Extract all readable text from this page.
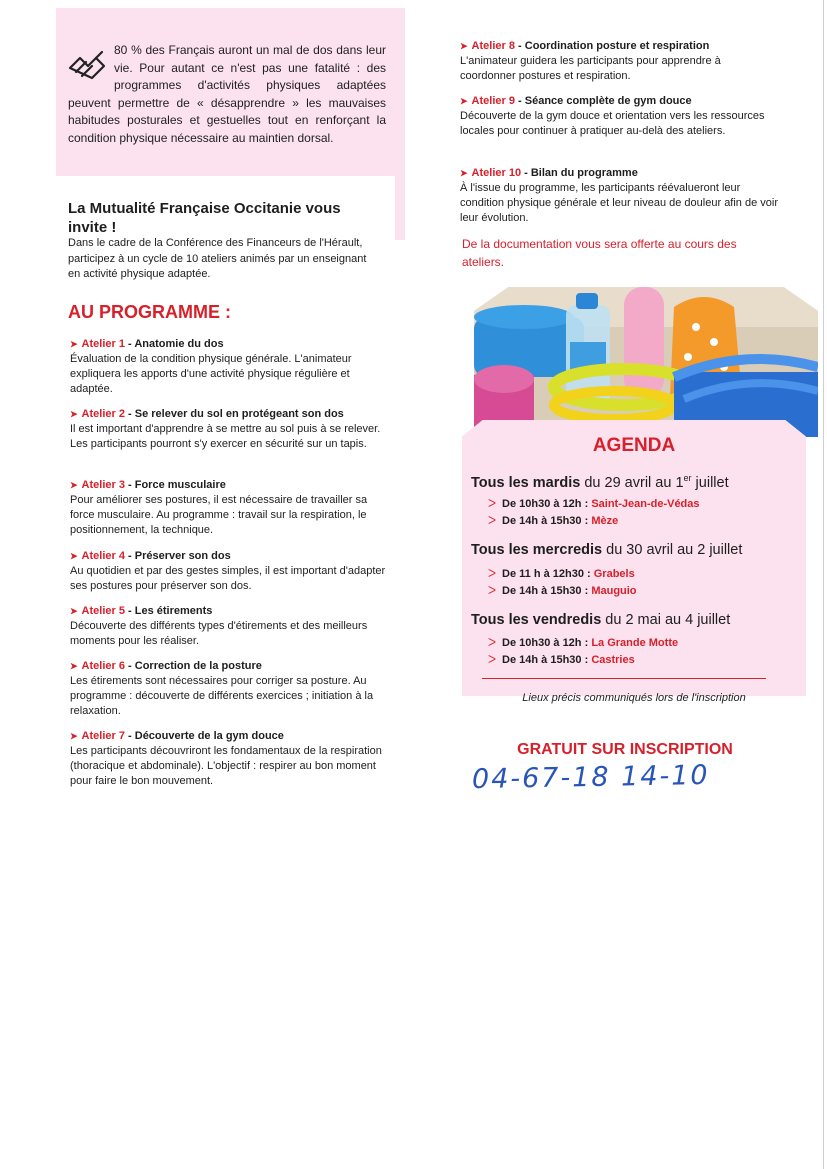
80 % des Français auront un mal de dos dans leur vie. Pour autant ce n'est pas une fatalité : des programmes d'activités physiques adaptées peuvent permettre de « désapprendre » les mauvaises habitudes posturales et gestuelles tout en renforçant la condition physique nécessaire au maintien dorsal.
La Mutualité Française Occitanie vous invite !
Dans le cadre de la Conférence des Financeurs de l'Hérault, participez à un cycle de 10 ateliers animés par un enseignant en activité physique adaptée.
AU PROGRAMME :
➤ Atelier 1 - Anatomie du dos
Évaluation de la condition physique générale. L'animateur expliquera les apports d'une activité physique régulière et adaptée.
➤ Atelier 2 - Se relever du sol en protégeant son dos
Il est important d'apprendre à se mettre au sol puis à se relever. Les participants pourront s'y exercer en sécurité sur un tapis.
➤ Atelier 3 - Force musculaire
Pour améliorer ses postures, il est nécessaire de travailler sa force musculaire. Au programme : travail sur la respiration, le positionnement, la technique.
➤ Atelier 4 - Préserver son dos
Au quotidien et par des gestes simples, il est important d'adapter ses postures pour préserver son dos.
➤ Atelier 5 - Les étirements
Découverte des différents types d'étirements et des meilleurs moments pour les réaliser.
➤ Atelier 6 - Correction de la posture
Les étirements sont nécessaires pour corriger sa posture. Au programme : découverte de différents exercices ; initiation à la relaxation.
➤ Atelier 7 - Découverte de la gym douce
Les participants découvriront les fondamentaux de la respiration (thoracique et abdominale). L'objectif : respirer au bon moment pour faire le bon mouvement.
➤ Atelier 8 - Coordination posture et respiration
L'animateur guidera les participants pour apprendre à coordonner postures et respiration.
➤ Atelier 9 - Séance complète de gym douce
Découverte de la gym douce et orientation vers les ressources locales pour continuer à pratiquer au-delà des ateliers.
➤ Atelier 10 - Bilan du programme
À l'issue du programme, les participants réévalueront leur condition physique générale et leur niveau de douleur afin de voir leur évolution.
De la documentation vous sera offerte au cours des ateliers.
AGENDA
Tous les mardis du 29 avril au 1er juillet
ᐳ De 10h30 à 12h : Saint-Jean-de-Védas
ᐳ De 14h à 15h30 : Mèze
Tous les mercredis du 30 avril au 2 juillet
ᐳ De 11 h à 12h30 : Grabels
ᐳ De 14h à 15h30 : Mauguio
Tous les vendredis du 2 mai au 4 juillet
ᐳ De 10h30 à 12h : La Grande Motte
ᐳ De 14h à 15h30 : Castries
Lieux précis communiqués lors de l'inscription
GRATUIT SUR INSCRIPTION
04-67-18 14-10
